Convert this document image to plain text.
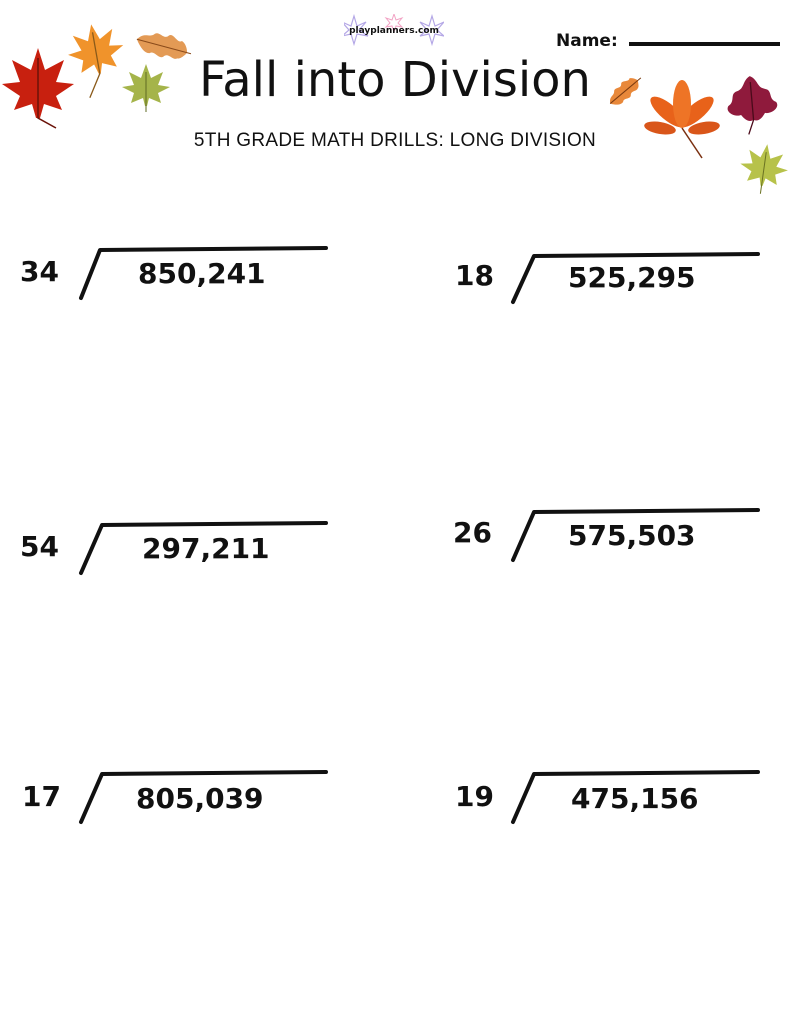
playplanners.com	Name:
Fall into Division
5TH GRADE MATH DRILLS: LONG DIVISION
34	850,241	18	525,295
54	297,211	26	575,503
17	805,039	19	475,156
